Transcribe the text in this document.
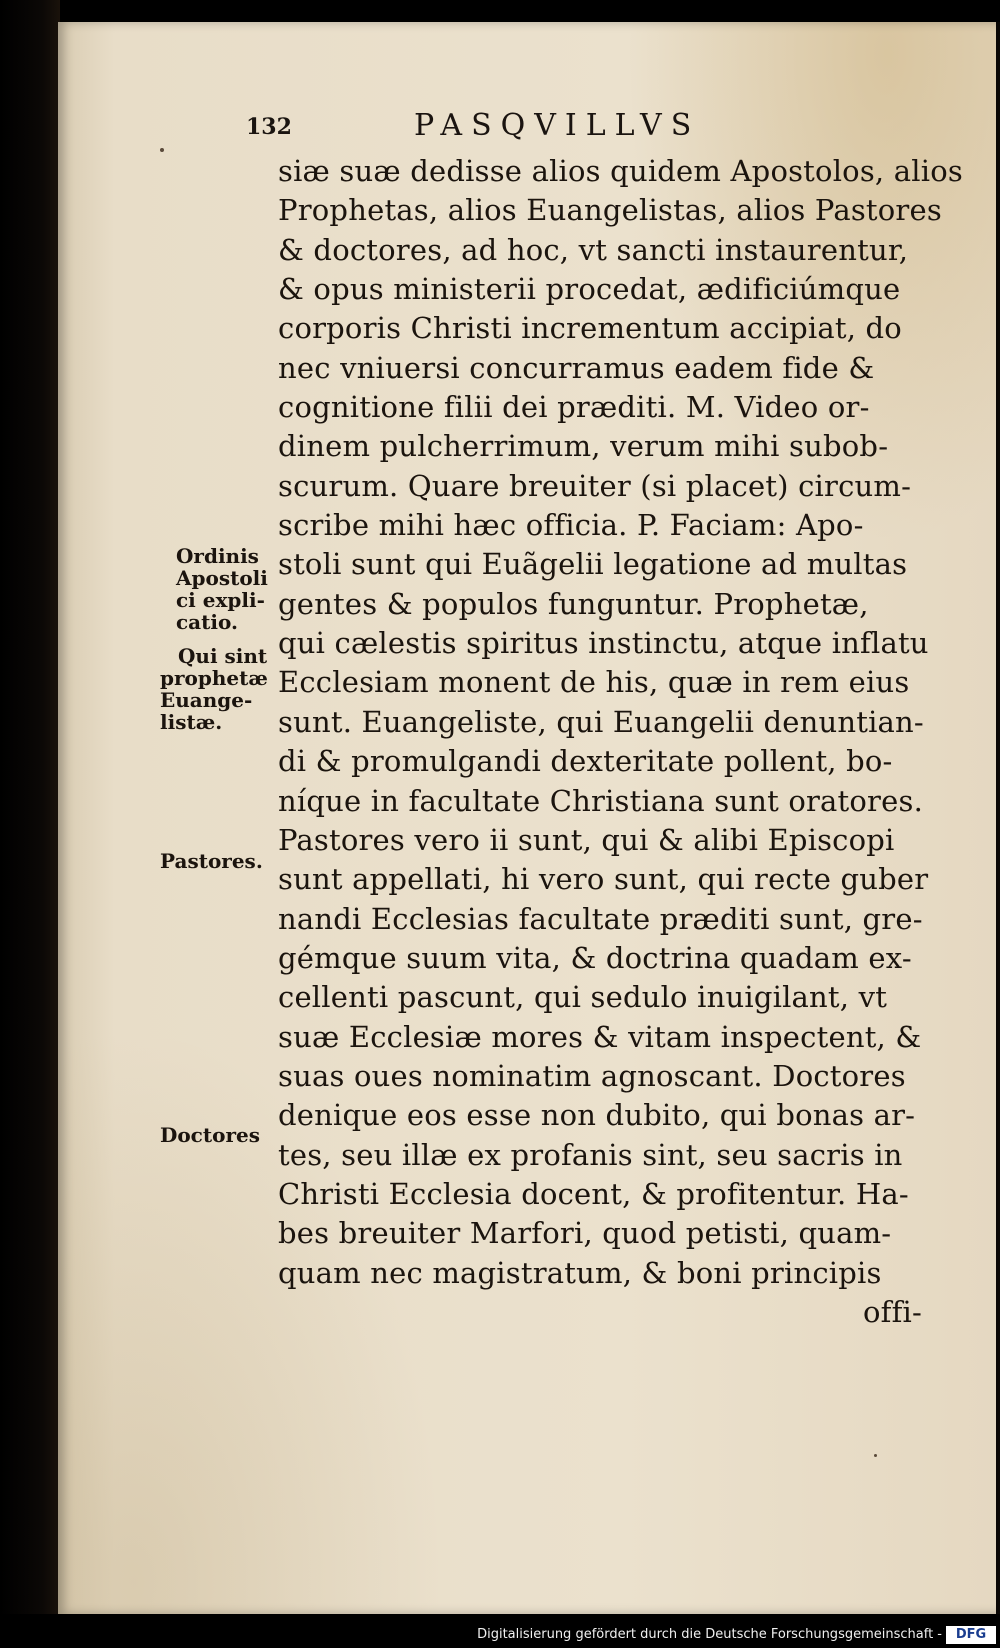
132	PASQVILLVS
siæ suæ dedisse alios quidem Apostolos, alios
Prophetas, alios Euangelistas, alios Pastores
& doctores, ad hoc, vt sancti instaurentur,
& opus ministerii procedat, ædificiúmque
corporis Christi incrementum accipiat, do
nec vniuersi concurramus eadem fide &
cognitione filii dei præditi. M. Video or-
dinem pulcherrimum, verum mihi subob-
scurum. Quare breuiter (si placet) circum-
scribe mihi hæc officia. P. Faciam: Apo-
stoli sunt qui Euãgelii legatione ad multas
gentes & populos funguntur. Prophetæ,
qui cælestis spiritus instinctu, atque inflatu
Ecclesiam monent de his, quæ in rem eius
sunt. Euangeliste, qui Euangelii denuntian-
di & promulgandi dexteritate pollent, bo-
níque in facultate Christiana sunt oratores.
Pastores vero ii sunt, qui & alibi Episcopi
sunt appellati, hi vero sunt, qui recte guber
nandi Ecclesias facultate præditi sunt, gre-
gémque suum vita, & doctrina quadam ex-
cellenti pascunt, qui sedulo inuigilant, vt
suæ Ecclesiæ mores & vitam inspectent, &
suas oues nominatim agnoscant. Doctores
denique eos esse non dubito, qui bonas ar-
tes, seu illæ ex profanis sint, seu sacris in
Christi Ecclesia docent, & profitentur. Ha-
bes breuiter Marfori, quod petisti, quam-
quam nec magistratum, & boni principis
offi-
Ordinis
Apostoli
ci expli-
catio.
Qui sint
prophetæ
Euange-
listæ.
Pastores.
Doctores
Digitalisierung gefördert durch die Deutsche Forschungsgemeinschaft -	DFG
